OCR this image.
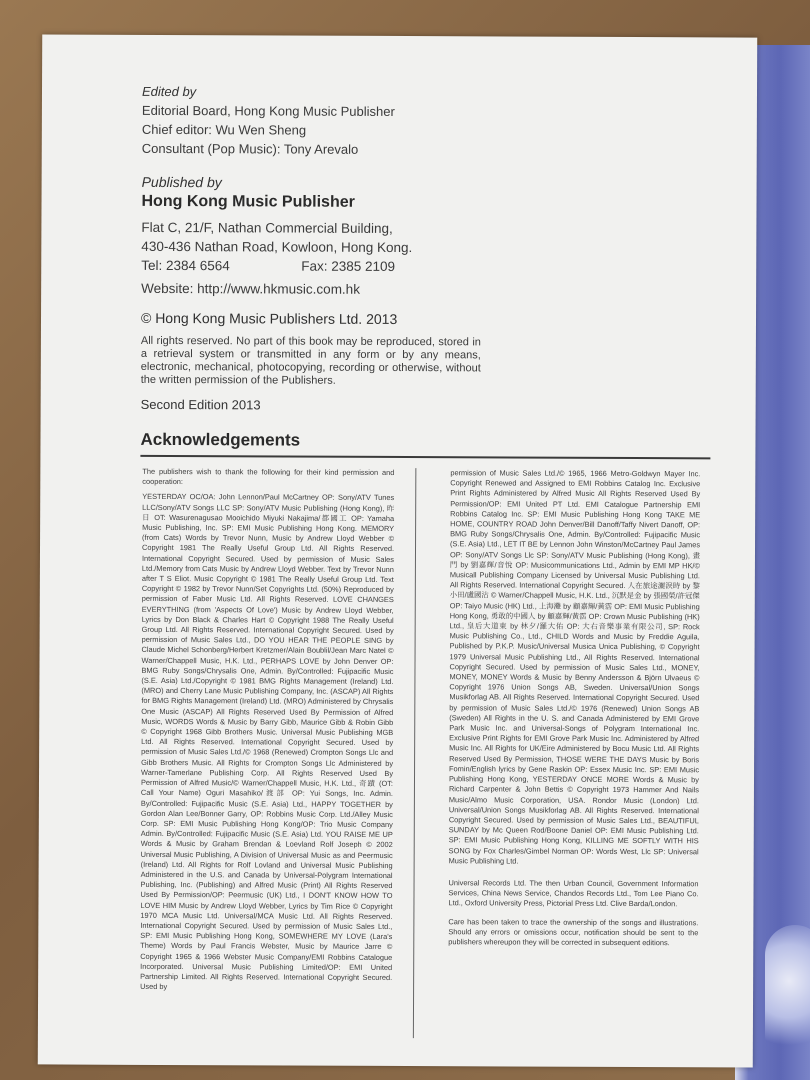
Edited by

Editorial Board, Hong Kong Music Publisher

Chief editor: Wu Wen Sheng

Consultant (Pop Music): Tony Arevalo

Published by

Hong Kong Music Publisher

Flat C, 21/F, Nathan Commercial Building,

430-436 Nathan Road, Kowloon, Hong Kong.

Tel: 2384 6564	Fax: 2385 2109

Website: http://www.hkmusic.com.hk
© Hong Kong Music Publishers Ltd. 2013
All rights reserved. No part of this book may be reproduced, stored in a retrieval system or transmitted in any form or by any means, electronic, mechanical, photocopying, recording or otherwise, without the written permission of the Publishers.
Second Edition 2013
Acknowledgements

The publishers wish to thank the following for their kind permission and cooperation:

YESTERDAY OC/OA: John Lennon/Paul McCartney OP: Sony/ATV Tunes LLC/Sony/ATV Songs LLC SP: Sony/ATV Music Publishing (Hong Kong), 昨日 OT: Wasurenagusao Mooichido Miyuki Nakajima/都國工 OP: Yamaha Music Publishing, Inc. SP: EMI Music Publishing Hong Kong. MEMORY (from Cats) Words by Trevor Nunn, Music by Andrew Lloyd Webber © Copyright 1981 The Really Useful Group Ltd. All Rights Reserved. International Copyright Secured. Used by permission of Music Sales Ltd./Memory from Cats Music by Andrew Lloyd Webber. Text by Trevor Nunn after T S Eliot. Music Copyright © 1981 The Really Useful Group Ltd. Text Copyright © 1982 by Trevor Nunn/Set Copyrights Ltd. (50%) Reproduced by permission of Faber Music Ltd. All Rights Reserved. LOVE CHANGES EVERYTHING (from 'Aspects Of Love') Music by Andrew Lloyd Webber, Lyrics by Don Black & Charles Hart © Copyright 1988 The Really Useful Group Ltd. All Rights Reserved. International Copyright Secured. Used by permission of Music Sales Ltd., DO YOU HEAR THE PEOPLE SING by Claude Michel Schonberg/Herbert Kretzmer/Alain Boublil/Jean Marc Natel © Warner/Chappell Music, H.K. Ltd., PERHAPS LOVE by John Denver OP: BMG Ruby Songs/Chrysalis One, Admin. By/Controlled: Fujipacific Music (S.E. Asia) Ltd./Copyright © 1981 BMG Rights Management (Ireland) Ltd. (MRO) and Cherry Lane Music Publishing Company, Inc. (ASCAP) All Rights for BMG Rights Management (Ireland) Ltd. (MRO) Administered by Chrysalis One Music (ASCAP) All Rights Reserved Used By Permission of Alfred Music, WORDS Words & Music by Barry Gibb, Maurice Gibb & Robin Gibb © Copyright 1968 Gibb Brothers Music. Universal Music Publishing MGB Ltd. All Rights Reserved. International Copyright Secured. Used by permission of Music Sales Ltd./© 1968 (Renewed) Crompton Songs Llc and Gibb Brothers Music. All Rights for Crompton Songs Llc Administered by Warner-Tamerlane Publishing Corp. All Rights Reserved Used By Permission of Alfred Music/© Warner/Chappell Music, H.K. Ltd., 奇蹟 (OT: Call Your Name) Oguri Masahiko/渡部 OP: Yui Songs, Inc. Admin. By/Controlled: Fujipacific Music (S.E. Asia) Ltd., HAPPY TOGETHER by Gordon Alan Lee/Bonner Garry, OP: Robbins Music Corp. Ltd./Alley Music Corp. SP: EMI Music Publishing Hong Kong/OP: Trio Music Company Admin. By/Controlled: Fujipacific Music (S.E. Asia) Ltd. YOU RAISE ME UP Words & Music by Graham Brendan & Loevland Rolf Joseph © 2002 Universal Music Publishing, A Division of Universal Music as and Peermusic (Ireland) Ltd. All Rights for Rolf Lovland and Universal Music Publishing Administered in the U.S. and Canada by Universal-Polygram International Publishing, Inc. (Publishing) and Alfred Music (Print) All Rights Reserved Used By Permission/OP: Peermusic (UK) Ltd., I DON'T KNOW HOW TO LOVE HIM Music by Andrew Lloyd Webber, Lyrics by Tim Rice © Copyright 1970 MCA Music Ltd. Universal/MCA Music Ltd. All Rights Reserved. International Copyright Secured. Used by permission of Music Sales Ltd., SP: EMI Music Publishing Hong Kong, SOMEWHERE MY LOVE (Lara's Theme) Words by Paul Francis Webster, Music by Maurice Jarre © Copyright 1965 & 1966 Webster Music Company/EMI Robbins Catalogue Incorporated. Universal Music Publishing Limited/OP: EMI United Partnership Limited. All Rights Reserved. International Copyright Secured. Used by

permission of Music Sales Ltd./© 1965, 1966 Metro-Goldwyn Mayer Inc. Copyright Renewed and Assigned to EMI Robbins Catalog Inc. Exclusive Print Rights Administered by Alfred Music All Rights Reserved Used By Permission/OP: EMI United PT Ltd. EMI Catalogue Partnership EMI Robbins Catalog Inc. SP: EMI Music Publishing Hong Kong TAKE ME HOME, COUNTRY ROAD John Denver/Bill Danoff/Taffy Nivert Danoff, OP: BMG Ruby Songs/Chrysalis One, Admin. By/Controlled: Fujipacific Music (S.E. Asia) Ltd., LET IT BE by Lennon John Winston/McCartney Paul James OP: Sony/ATV Songs Llc SP: Sony/ATV Music Publishing (Hong Kong), 畫 門 by 劉嘉輝/音悅 OP: Musicommunications Ltd., Admin by EMI MP HK/© Musicall Publishing Company Licensed by Universal Music Publishing Ltd. All Rights Reserved. International Copyright Secured. 人在旅途灑淚時 by 黎小田/盧國沾 © Warner/Chappell Music, H.K. Ltd., 沉默是金 by 張國榮/許冠傑 OP: Taiyo Music (HK) Ltd., 上海灘 by 顧嘉輝/黃霑 OP: EMI Music Publishing Hong Kong, 勇敢的中國人 by 顧嘉輝/黃霑 OP: Crown Music Publishing (HK) Ltd., 皇后大道東 by 林夕/羅大佑 OP: 大右音樂事業有限公司, SP: Rock Music Publishing Co., Ltd., CHILD Words and Music by Freddie Aguila, Published by P.K.P. Music/Universal Musica Unica Publishing, © Copyright 1979 Universal Music Publishing Ltd., All Rights Reserved. International Copyright Secured. Used by permission of Music Sales Ltd., MONEY, MONEY, MONEY Words & Music by Benny Andersson & Björn Ulvaeus © Copyright 1976 Union Songs AB, Sweden. Universal/Union Songs Musikforlag AB. All Rights Reserved. International Copyright Secured. Used by permission of Music Sales Ltd./© 1976 (Renewed) Union Songs AB (Sweden) All Rights in the U. S. and Canada Administered by EMI Grove Park Music Inc. and Universal-Songs of Polygram International Inc. Exclusive Print Rights for EMI Grove Park Music Inc. Administered by Alfred Music Inc. All Rights for UK/Eire Administered by Bocu Music Ltd. All Rights Reserved Used By Permission, THOSE WERE THE DAYS Music by Boris Fomin/English lyrics by Gene Raskin OP: Essex Music Inc. SP: EMI Music Publishing Hong Kong, YESTERDAY ONCE MORE Words & Music by Richard Carpenter & John Bettis © Copyright 1973 Hammer And Nails Music/Almo Music Corporation, USA. Rondor Music (London) Ltd. Universal/Union Songs Musikforlag AB. All Rights Reserved. International Copyright Secured. Used by permission of Music Sales Ltd., BEAUTIFUL SUNDAY by Mc Queen Rod/Boone Daniel OP: EMI Music Publishing Ltd. SP: EMI Music Publishing Hong Kong, KILLING ME SOFTLY WITH HIS SONG by Fox Charles/Gimbel Norman OP: Words West, Llc SP: Universal Music Publishing Ltd.

Universal Records Ltd. The then Urban Council, Government Information Services, China News Service, Chandos Records Ltd., Tom Lee Piano Co. Ltd., Oxford University Press, Pictorial Press Ltd. Clive Barda/London.

Care has been taken to trace the ownership of the songs and illustrations. Should any errors or omissions occur, notification should be sent to the publishers whereupon they will be corrected in subsequent editions.
